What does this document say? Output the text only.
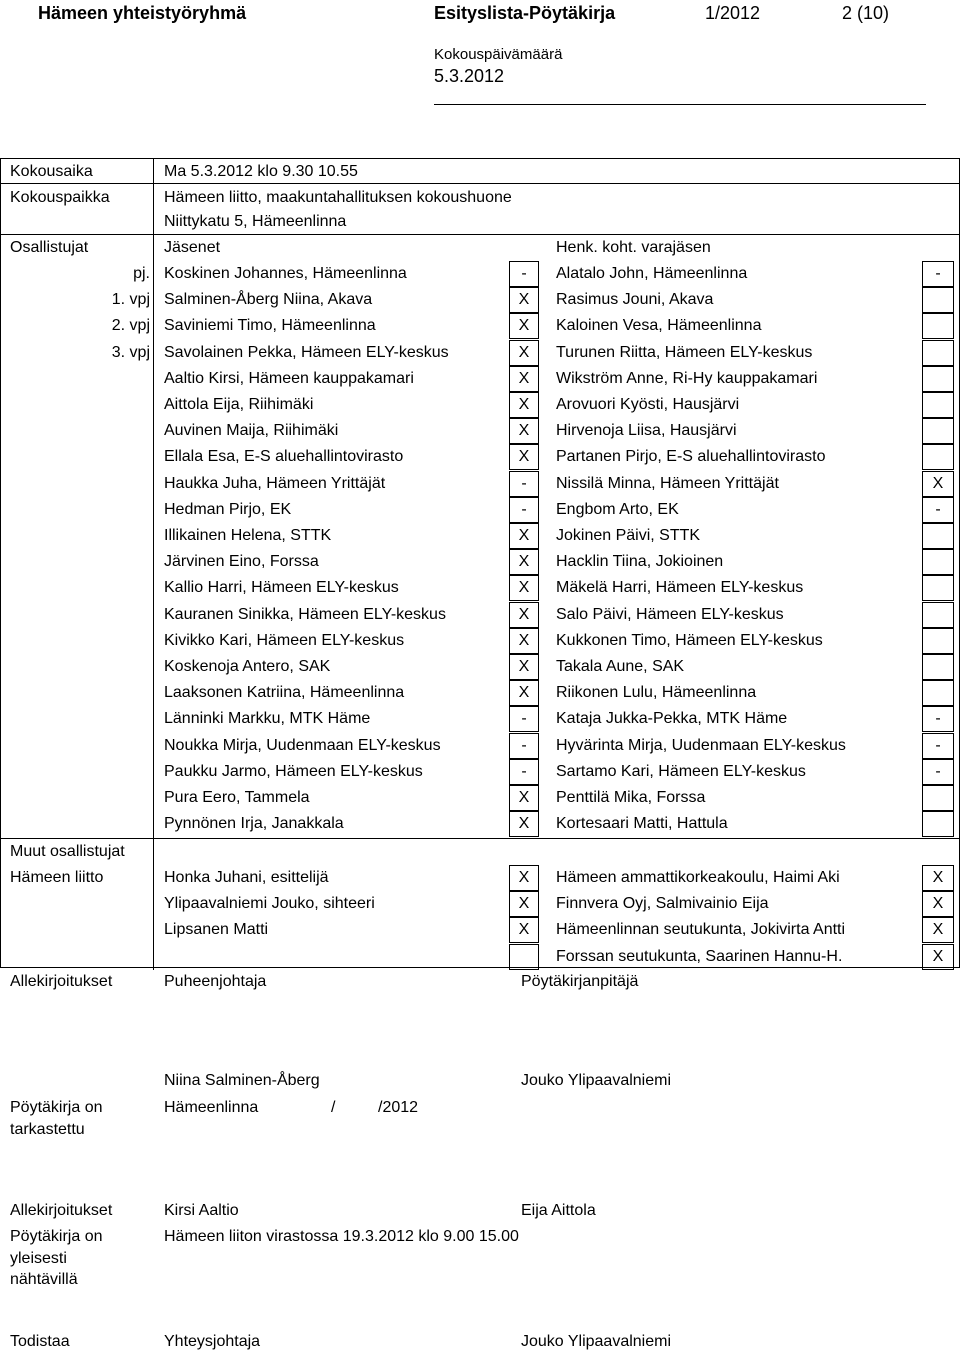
Hämeen yhteistyöryhmä	Esityslista-Pöytäkirja	1/2012	2 (10)
Kokouspäivämäärä
5.3.2012
Kokousaika	Ma 5.3.2012 klo 9.30 10.55
Kokouspaikka	Hämeen liitto, maakuntahallituksen kokoushuone
Niittykatu 5, Hämeenlinna
Osallistujat	Jäsenet	Henk. koht. varajäsen
pj. Koskinen Johannes, Hämeenlinna	-	Alatalo John, Hämeenlinna	-
1. vpj Salminen-Åberg Niina, Akava	X	Rasimus Jouni, Akava
2. vpj Saviniemi Timo, Hämeenlinna	X	Kaloinen Vesa, Hämeenlinna
3. vpj Savolainen Pekka, Hämeen ELY-keskus	X	Turunen Riitta, Hämeen ELY-keskus
Aaltio Kirsi, Hämeen kauppakamari	X	Wikström Anne, Ri-Hy kauppakamari
Aittola Eija, Riihimäki	X	Arovuori Kyösti, Hausjärvi
Auvinen Maija, Riihimäki	X	Hirvenoja Liisa, Hausjärvi
Ellala Esa, E-S aluehallintovirasto	X	Partanen Pirjo, E-S aluehallintovirasto
Haukka Juha, Hämeen Yrittäjät	-	Nissilä Minna, Hämeen Yrittäjät	X
Hedman Pirjo, EK	-	Engbom Arto, EK	-
Illikainen Helena, STTK	X	Jokinen Päivi, STTK
Järvinen Eino, Forssa	X	Hacklin Tiina, Jokioinen
Kallio Harri, Hämeen ELY-keskus	X	Mäkelä Harri, Hämeen ELY-keskus
Kauranen Sinikka, Hämeen ELY-keskus	X	Salo Päivi, Hämeen ELY-keskus
Kivikko Kari, Hämeen ELY-keskus	X	Kukkonen Timo, Hämeen ELY-keskus
Koskenoja Antero, SAK	X	Takala Aune, SAK
Laaksonen Katriina, Hämeenlinna	X	Riikonen Lulu, Hämeenlinna
Länninki Markku, MTK Häme	-	Kataja Jukka-Pekka, MTK Häme	-
Noukka Mirja, Uudenmaan ELY-keskus	-	Hyvärinta Mirja, Uudenmaan ELY-keskus	-
Paukku Jarmo, Hämeen ELY-keskus	-	Sartamo Kari, Hämeen ELY-keskus	-
Pura Eero, Tammela	X	Penttilä Mika, Forssa
Pynnönen Irja, Janakkala	X	Kortesaari Matti, Hattula
Muut osallistujat
Hämeen liitto	Honka Juhani, esittelijä	X	Hämeen ammattikorkeakoulu, Haimi Aki	X
Ylipaavalniemi Jouko, sihteeri	X	Finnvera Oyj, Salmivainio Eija	X
Lipsanen Matti	X	Hämeenlinnan seutukunta, Jokivirta Antti	X
Forssan seutukunta, Saarinen Hannu-H.	X
Allekirjoitukset	Puheenjohtaja	Pöytäkirjanpitäjä
Niina Salminen-Åberg	Jouko Ylipaavalniemi
Pöytäkirja on
tarkastettu
Hämeenlinna	/	/2012
Allekirjoitukset	Kirsi Aaltio	Eija Aittola
Pöytäkirja on
yleisesti
nähtävillä
Hämeen liiton virastossa 19.3.2012 klo 9.00 15.00
Todistaa	Yhteysjohtaja	Jouko Ylipaavalniemi
